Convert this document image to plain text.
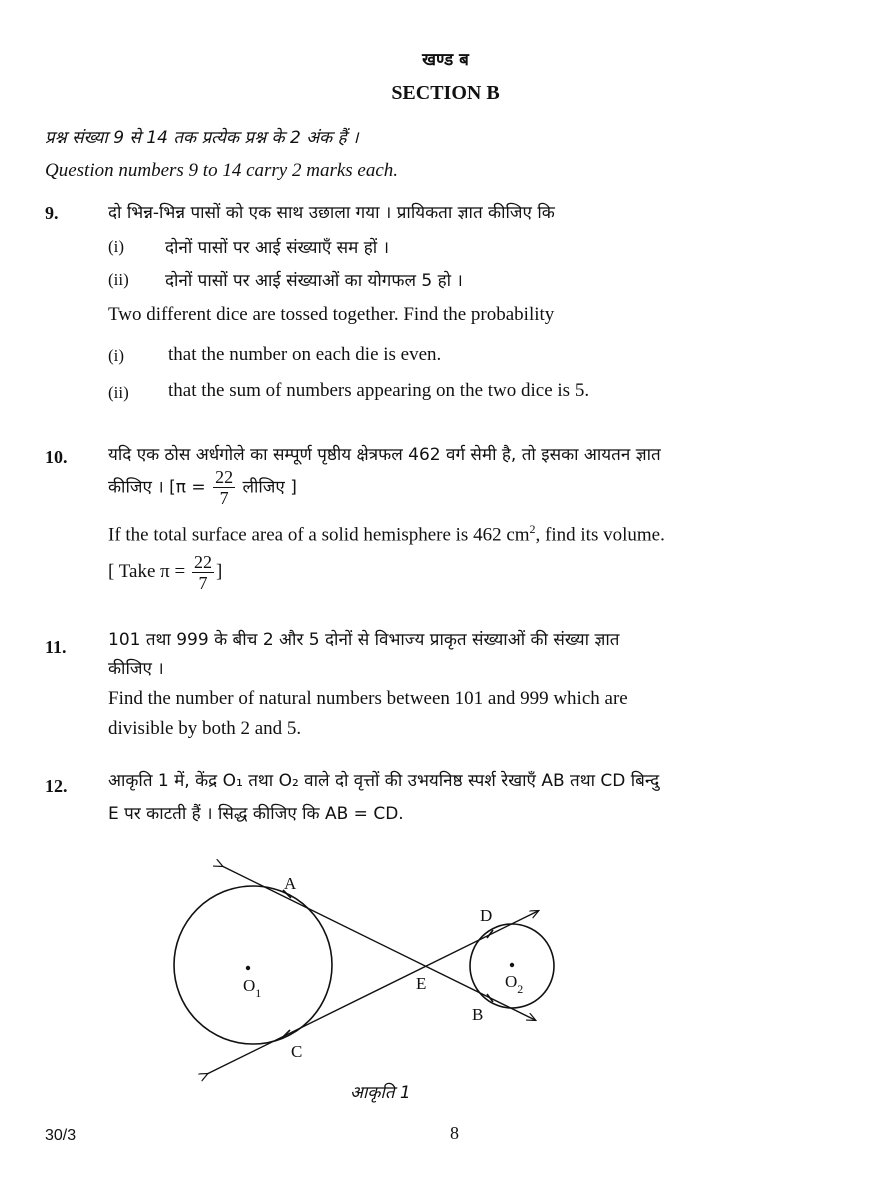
खण्ड ब
SECTION B
प्रश्न संख्या 9 से 14 तक प्रत्येक प्रश्न के 2 अंक हैं ।
Question numbers 9 to 14 carry 2 marks each.
9.	दो भिन्न-भिन्न पासों को एक साथ उछाला गया । प्रायिकता ज्ञात कीजिए कि
(i) दोनों पासों पर आई संख्याएँ सम हों ।
(ii) दोनों पासों पर आई संख्याओं का योगफल 5 हो ।
Two different dice are tossed together. Find the probability
(i) that the number on each die is even.
(ii) that the sum of numbers appearing on the two dice is 5.
10. यदि एक ठोस अर्धगोले का सम्पूर्ण पृष्ठीय क्षेत्रफल 462 वर्ग सेमी है, तो इसका आयतन ज्ञात
कीजिए । [$\pi = \frac{22}{7}$ लीजिए ]
If the total surface area of a solid hemisphere is 462 $cm^2$, find its volume.
[ Take $\pi = \frac{22}{7}$ ]
11. 101 तथा 999 के बीच 2 और 5 दोनों से विभाज्य प्राकृत संख्याओं की संख्या ज्ञात
कीजिए ।
Find the number of natural numbers between 101 and 999 which are
divisible by both 2 and 5.
12. आकृति 1 में, केंद्र O₁ तथा O₂ वाले दो वृत्तों की उभयनिष्ठ स्पर्श रेखाएँ AB तथा CD बिन्दु
E पर काटती हैं । सिद्ध कीजिए कि AB = CD.
A
B
C
D
E
$O_1$
$O_2$
आकृति 1
30/3	8
